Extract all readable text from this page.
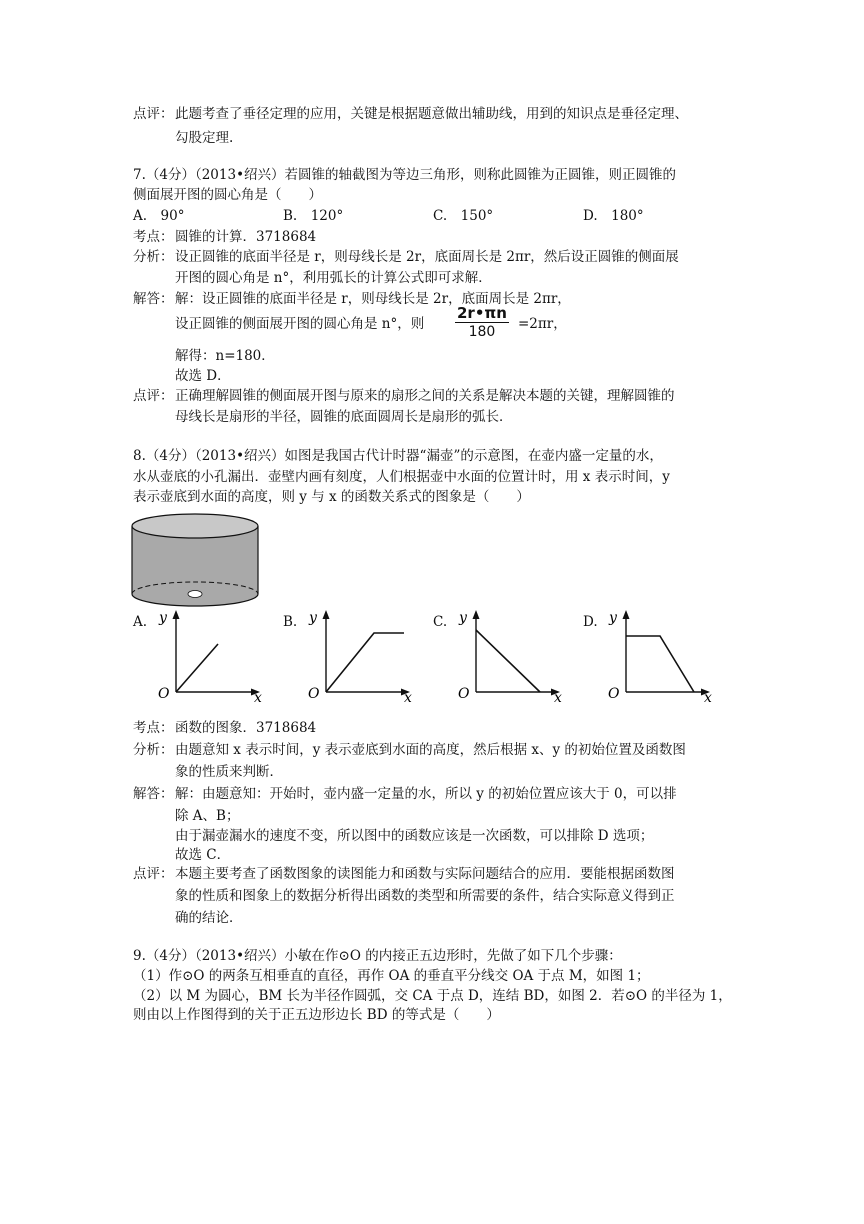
点评： 此题考查了垂径定理的应用，关键是根据题意做出辅助线，用到的知识点是垂径定理、
勾股定理.
7.（4分）（2013•绍兴）若圆锥的轴截图为等边三角形，则称此圆锥为正圆锥，则正圆锥的
侧面展开图的圆心角是（　　）
A.　90°	B.　120°	C.　150°	D.　180°
考点： 圆锥的计算．3718684
分析： 设正圆锥的底面半径是 r，则母线长是 2r，底面周长是 2πr，然后设正圆锥的侧面展
开图的圆心角是 n°，利用弧长的计算公式即可求解．
解答： 解：设正圆锥的底面半径是 r，则母线长是 2r，底面周长是 2πr，
设正圆锥的侧面展开图的圆心角是 n°，则 $\frac{2r•\pi n}{180} =2\pi r$，
解得：n=180．
故选 D．
点评： 正确理解圆锥的侧面展开图与原来的扇形之间的关系是解决本题的关键，理解圆锥的
母线长是扇形的半径，圆锥的底面圆周长是扇形的弧长．
8.（4分）（2013•绍兴）如图是我国古代计时器“漏壶”的示意图，在壶内盛一定量的水，
水从壶底的小孔漏出．壶壁内画有刻度，人们根据壶中水面的位置计时，用 x 表示时间，y
表示壶底到水面的高度，则 y 与 x 的函数关系式的图象是（　　）
A. y
x
O
B. y
x
O
C. y
x
O
D. y
x
O
考点： 函数的图象．3718684
分析： 由题意知 x 表示时间，y 表示壶底到水面的高度，然后根据 x、y 的初始位置及函数图
象的性质来判断．
解答： 解：由题意知：开始时，壶内盛一定量的水，所以 y 的初始位置应该大于 0，可以排
除 A、B；
由于漏壶漏水的速度不变，所以图中的函数应该是一次函数，可以排除 D 选项；
故选 C．
点评： 本题主要考查了函数图象的读图能力和函数与实际问题结合的应用．要能根据函数图
象的性质和图象上的数据分析得出函数的类型和所需要的条件，结合实际意义得到正
确的结论．
9.（4分）（2013•绍兴）小敏在作⊙O 的内接正五边形时，先做了如下几个步骤：
（1）作⊙O 的两条互相垂直的直径，再作 OA 的垂直平分线交 OA 于点 M，如图 1；
（2）以 M 为圆心，BM 长为半径作圆弧，交 CA 于点 D，连结 BD，如图 2．若⊙O 的半径为 1，
则由以上作图得到的关于正五边形边长 BD 的等式是（　　）
